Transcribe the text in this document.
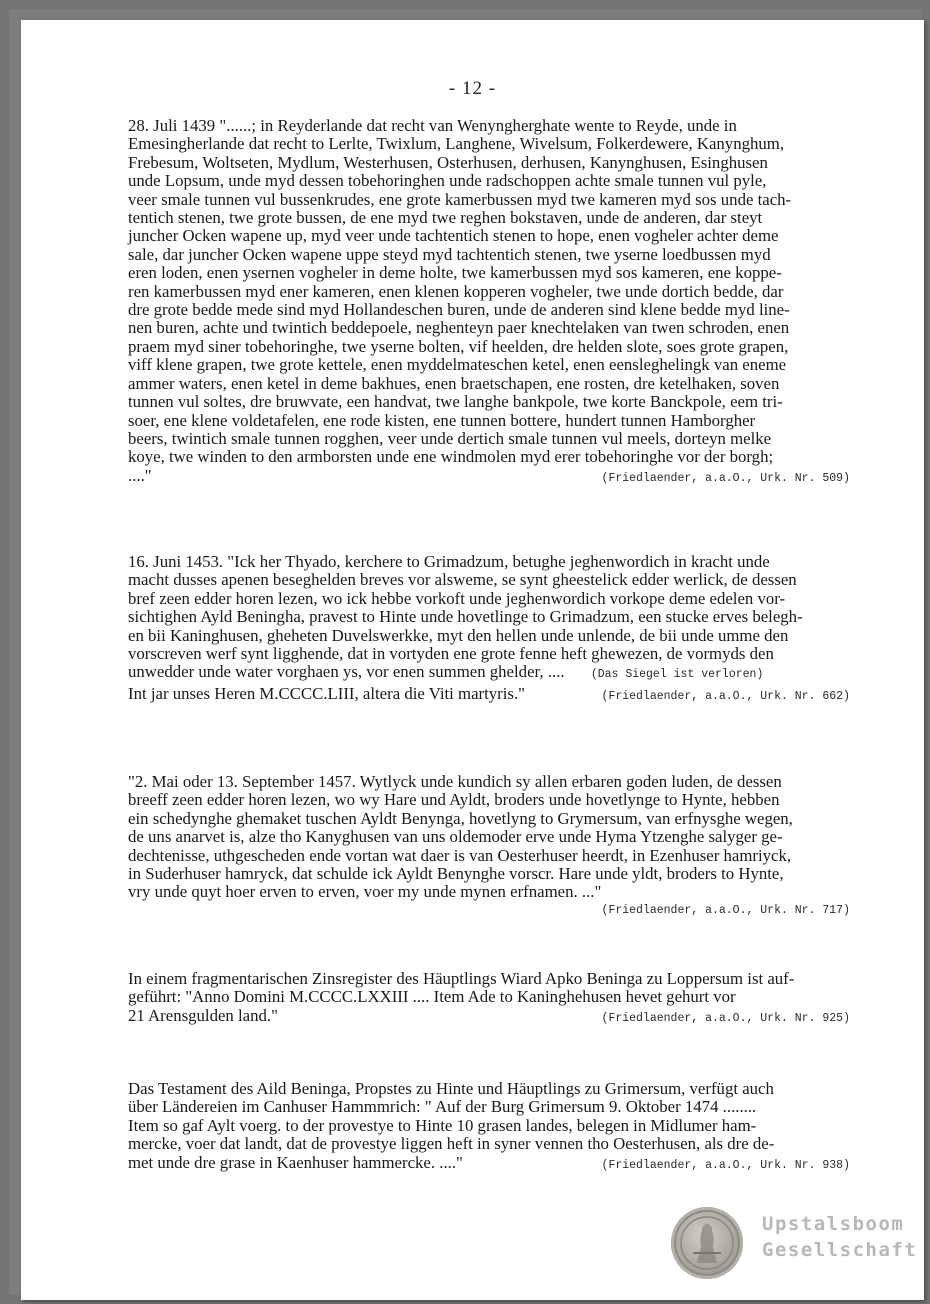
- 12 -
28. Juli 1439 "......; in Reyderlande dat recht van Wenyngherghate wente to Reyde, unde in
Emesingherlande dat recht to Lerlte, Twixlum, Langhene, Wivelsum, Folkerdewere, Kanynghum,
Frebesum, Woltseten, Mydlum, Westerhusen, Osterhusen, derhusen, Kanynghusen, Esinghusen
unde Lopsum, unde myd dessen tobehoringhen unde radschoppen achte smale tunnen vul pyle,
veer smale tunnen vul bussenkrudes, ene grote kamerbussen myd twe kameren myd sos unde tach-
tentich stenen, twe grote bussen, de ene myd twe reghen bokstaven, unde de anderen, dar steyt
juncher Ocken wapene up, myd veer unde tachtentich stenen to hope, enen vogheler achter deme
sale, dar juncher Ocken wapene uppe steyd myd tachtentich stenen, twe yserne loedbussen myd
eren loden, enen ysernen vogheler in deme holte, twe kamerbussen myd sos kameren, ene koppe-
ren kamerbussen myd ener kameren, enen klenen kopperen vogheler, twe unde dortich bedde, dar
dre grote bedde mede sind myd Hollandeschen buren, unde de anderen sind klene bedde myd line-
nen buren, achte und twintich beddepoele, neghenteyn paer knechtelaken van twen schroden, enen
praem myd siner tobehoringhe, twe yserne bolten, vif heelden, dre helden slote, soes grote grapen,
viff klene grapen, twe grote kettele, enen myddelmateschen ketel, enen eensleghelingk van eneme
ammer waters, enen ketel in deme bakhues, enen braetschapen, ene rosten, dre ketelhaken, soven
tunnen vul soltes, dre bruwvate, een handvat, twe langhe bankpole, twe korte Banckpole, eem tri-
soer, ene klene voldetafelen, ene rode kisten, ene tunnen bottere, hundert tunnen Hamborgher
beers, twintich smale tunnen rogghen, veer unde dertich smale tunnen vul meels, dorteyn melke
koye, twe winden to den armborsten unde ene windmolen myd erer tobehoringhe vor der borgh;
...."	(Friedlaender, a.a.O., Urk. Nr. 509)
16. Juni 1453. "Ick her Thyado, kerchere to Grimadzum, betughe jeghenwordich in kracht unde
macht dusses apenen beseghelden breves vor alsweme, se synt gheestelick edder werlick, de dessen
bref zeen edder horen lezen, wo ick hebbe vorkoft unde jeghenwordich vorkope deme edelen vor-
sichtighen Ayld Beningha, pravest to Hinte unde hovetlinge to Grimadzum, een stucke erves belegh-
en bii Kaninghusen, gheheten Duvelswerkke, myt den hellen unde unlende, de bii unde umme den
vorscreven werf synt ligghende, dat in vortyden ene grote fenne heft ghewezen, de vormyds den
unwedder unde water vorghaen ys, vor enen summen ghelder, .... (Das Siegel ist verloren)
Int jar unses Heren M.CCCC.LIII, altera die Viti martyris."	(Friedlaender, a.a.O., Urk. Nr. 662)
"2. Mai oder 13. September 1457. Wytlyck unde kundich sy allen erbaren goden luden, de dessen
breeff zeen edder horen lezen, wo wy Hare und Ayldt, broders unde hovetlynge to Hynte, hebben
ein schedynghe ghemaket tuschen Ayldt Benynga, hovetlyng to Grymersum, van erfnysghe wegen,
de uns anarvet is, alze tho Kanyghusen van uns oldemoder erve unde Hyma Ytzenghe salyger ge-
dechtenisse, uthgescheden ende vortan wat daer is van Oesterhuser heerdt, in Ezenhuser hamriyck,
in Suderhuser hamryck, dat schulde ick Ayldt Benynghe vorscr. Hare unde yldt, broders to Hynte,
vry unde quyt hoer erven to erven, voer my unde mynen erfnamen. ..."
(Friedlaender, a.a.O., Urk. Nr. 717)
In einem fragmentarischen Zinsregister des Häuptlings Wiard Apko Beninga zu Loppersum ist auf-
geführt: "Anno Domini M.CCCC.LXXIII .... Item Ade to Kaninghehusen hevet gehurt vor
21 Arensgulden land."	(Friedlaender, a.a.O., Urk. Nr. 925)
Das Testament des Aild Beninga, Propstes zu Hinte und Häuptlings zu Grimersum, verfügt auch
über Ländereien im Canhuser Hammmrich: " Auf der Burg Grimersum 9. Oktober 1474 ........
Item so gaf Aylt voerg. to der provestye to Hinte 10 grasen landes, belegen in Midlumer ham-
mercke, voer dat landt, dat de provestye liggen heft in syner vennen tho Oesterhusen, als dre de-
met unde dre grase in Kaenhuser hammercke. ...."	(Friedlaender, a.a.O., Urk. Nr. 938)
Upstalsboom
Gesellschaft
